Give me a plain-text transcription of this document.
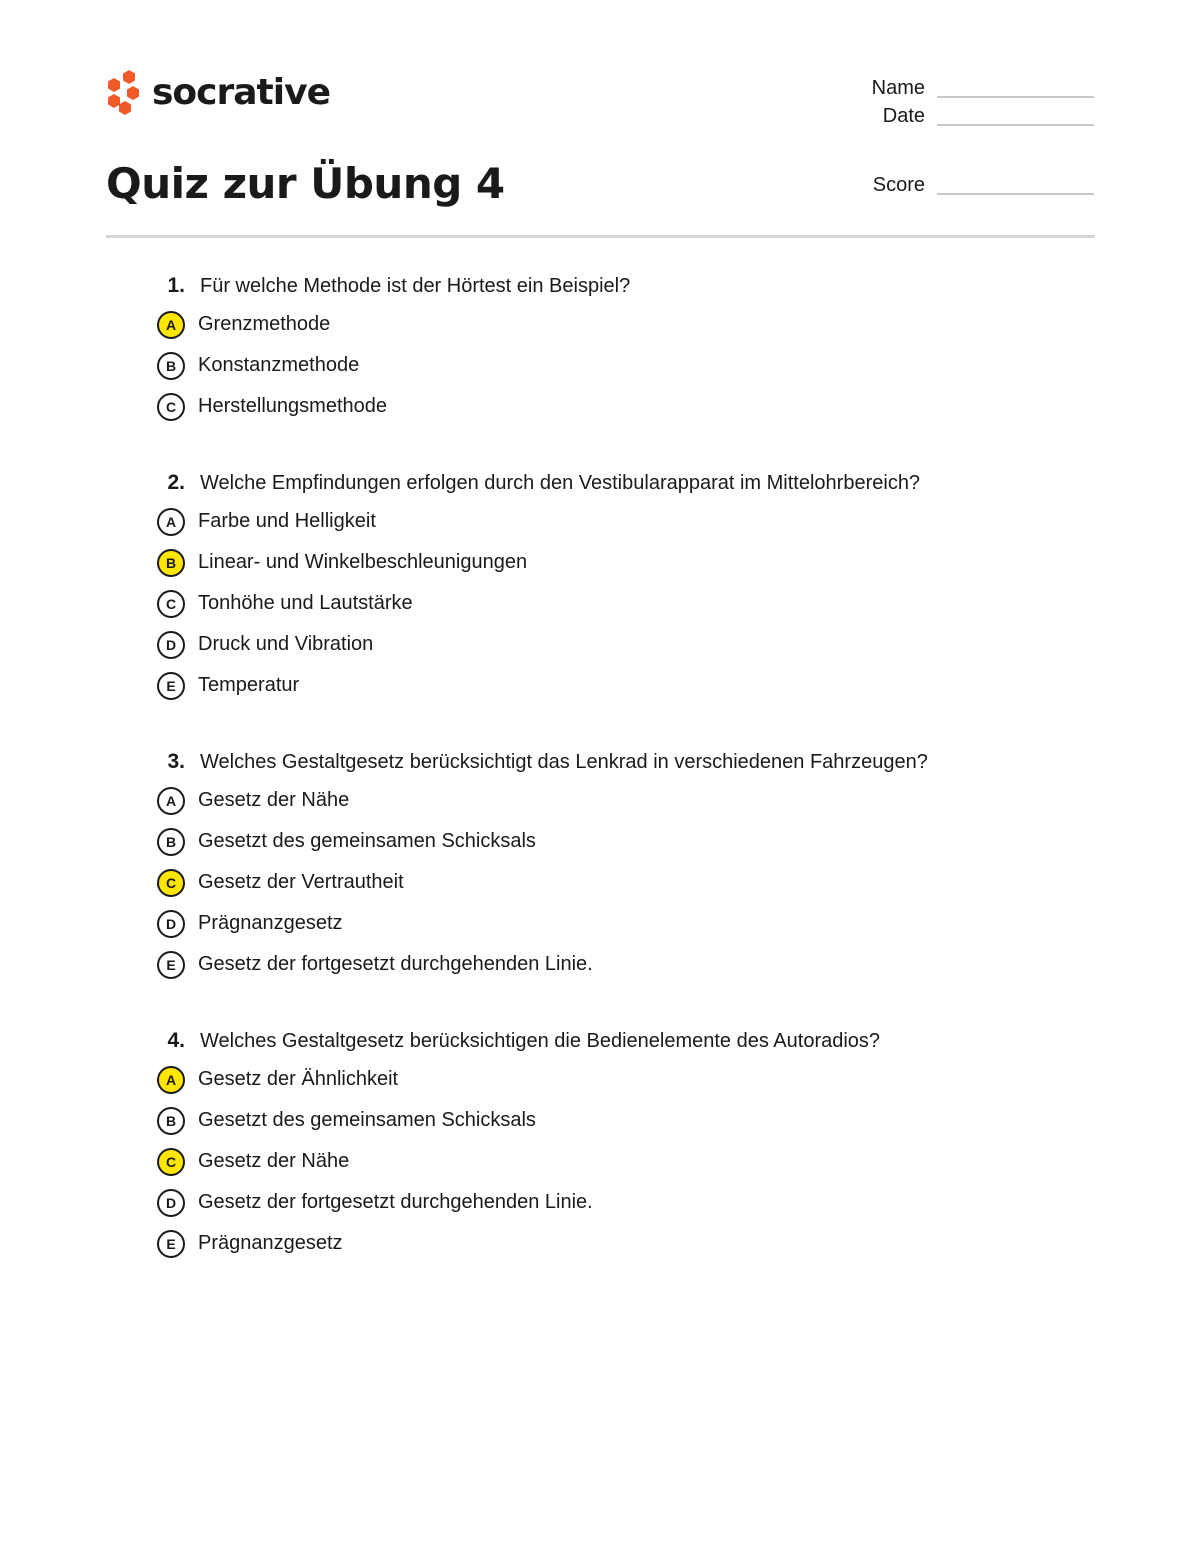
socrative	Name
Date
Score
Quiz zur Übung 4
1. Für welche Methode ist der Hörtest ein Beispiel?
A	Grenzmethode
B	Konstanzmethode
C	Herstellungsmethode
2. Welche Empfindungen erfolgen durch den Vestibularapparat im Mittelohrbereich?
A	Farbe und Helligkeit
B	Linear- und Winkelbeschleunigungen
C	Tonhöhe und Lautstärke
D	Druck und Vibration
E	Temperatur
3. Welches Gestaltgesetz berücksichtigt das Lenkrad in verschiedenen Fahrzeugen?
A	Gesetz der Nähe
B	Gesetzt des gemeinsamen Schicksals
C	Gesetz der Vertrautheit
D	Prägnanzgesetz
E	Gesetz der fortgesetzt durchgehenden Linie.
4. Welches Gestaltgesetz berücksichtigen die Bedienelemente des Autoradios?
A	Gesetz der Ähnlichkeit
B	Gesetzt des gemeinsamen Schicksals
C	Gesetz der Nähe
D	Gesetz der fortgesetzt durchgehenden Linie.
E	Prägnanzgesetz
